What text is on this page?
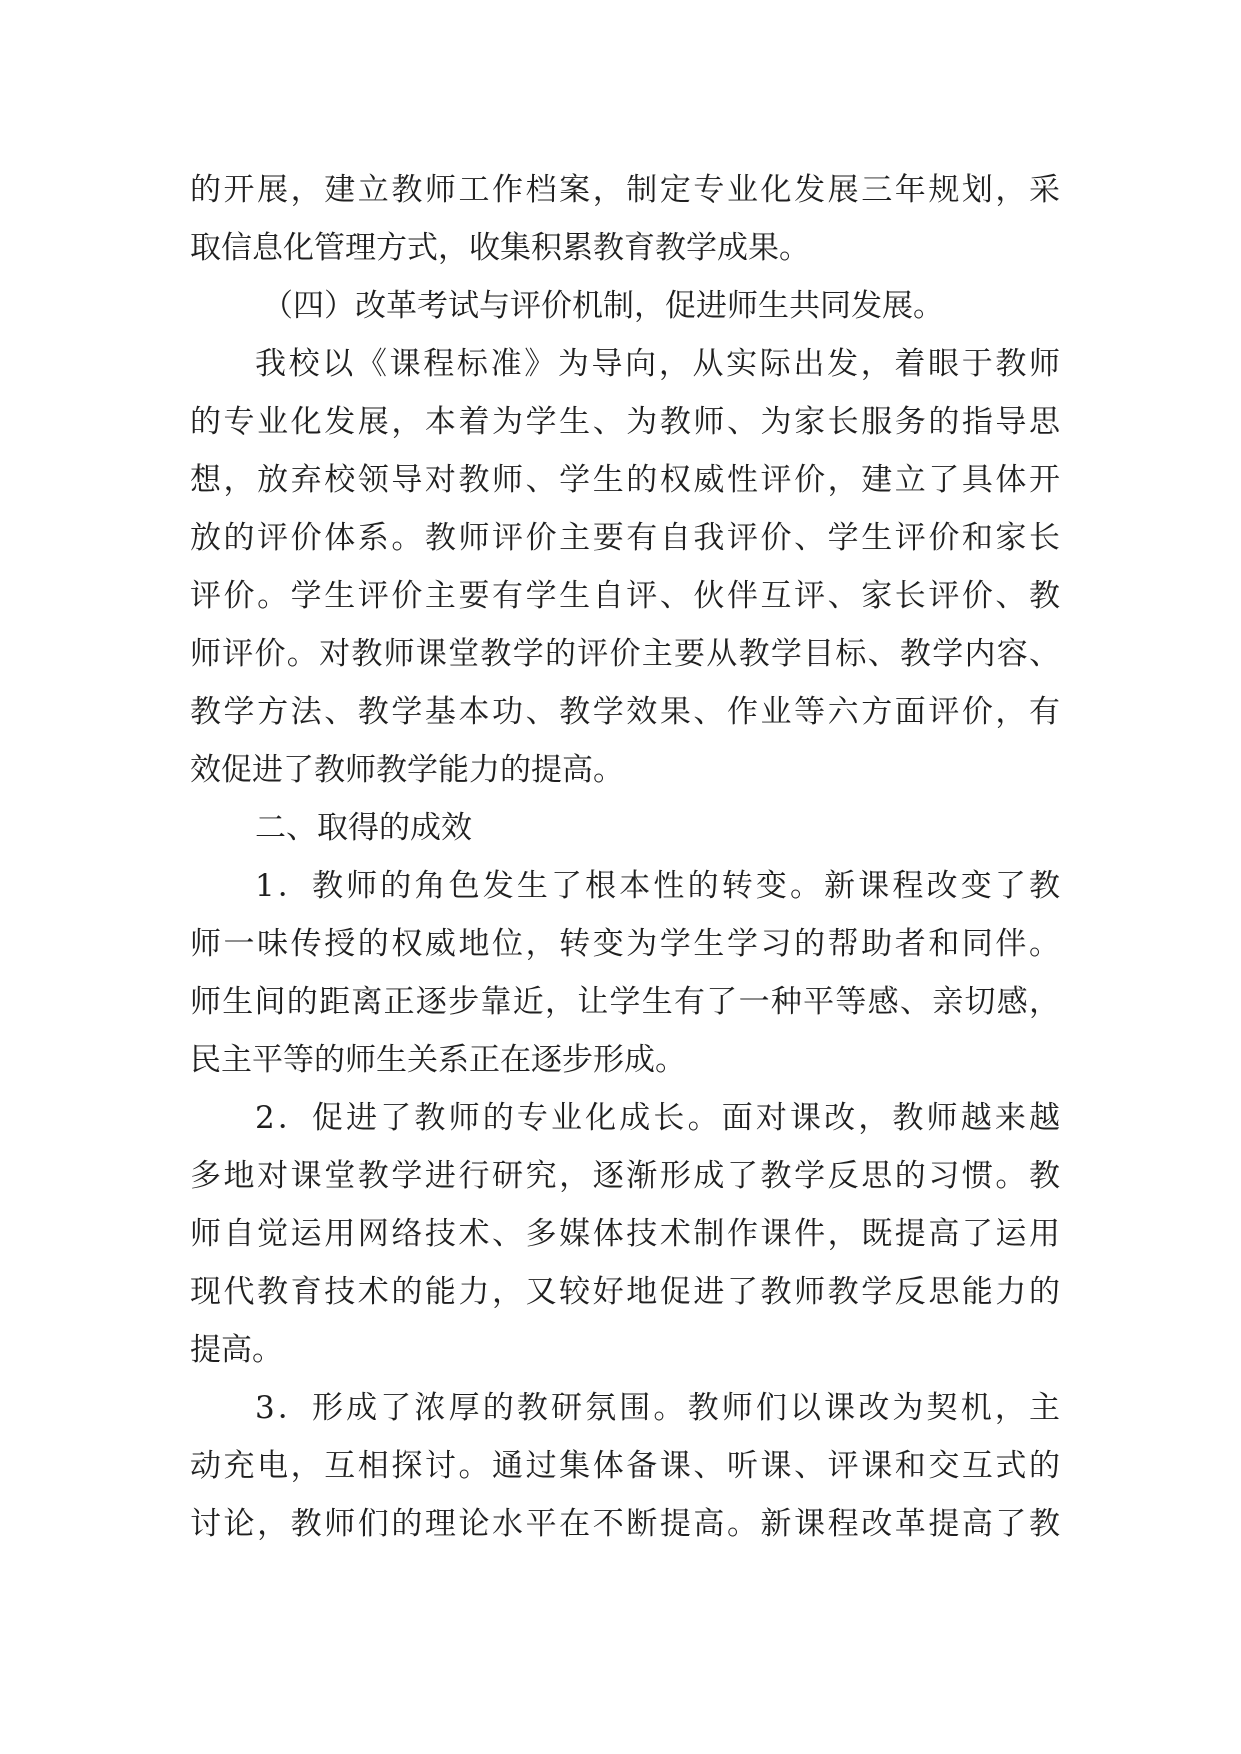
的开展，建立教师工作档案，制定专业化发展三年规划，采
取信息化管理方式，收集积累教育教学成果。
（四）改革考试与评价机制，促进师生共同发展。
我校以《课程标准》为导向，从实际出发，着眼于教师
的专业化发展，本着为学生、为教师、为家长服务的指导思
想，放弃校领导对教师、学生的权威性评价，建立了具体开
放的评价体系。教师评价主要有自我评价、学生评价和家长
评价。学生评价主要有学生自评、伙伴互评、家长评价、教
师评价。对教师课堂教学的评价主要从教学目标、教学内容、
教学方法、教学基本功、教学效果、作业等六方面评价，有
效促进了教师教学能力的提高。
二、取得的成效
1．教师的角色发生了根本性的转变。新课程改变了教
师一味传授的权威地位，转变为学生学习的帮助者和同伴。
师生间的距离正逐步靠近，让学生有了一种平等感、亲切感，
民主平等的师生关系正在逐步形成。
2．促进了教师的专业化成长。面对课改，教师越来越
多地对课堂教学进行研究，逐渐形成了教学反思的习惯。教
师自觉运用网络技术、多媒体技术制作课件，既提高了运用
现代教育技术的能力，又较好地促进了教师教学反思能力的
提高。
3．形成了浓厚的教研氛围。教师们以课改为契机，主
动充电，互相探讨。通过集体备课、听课、评课和交互式的
讨论，教师们的理论水平在不断提高。新课程改革提高了教
